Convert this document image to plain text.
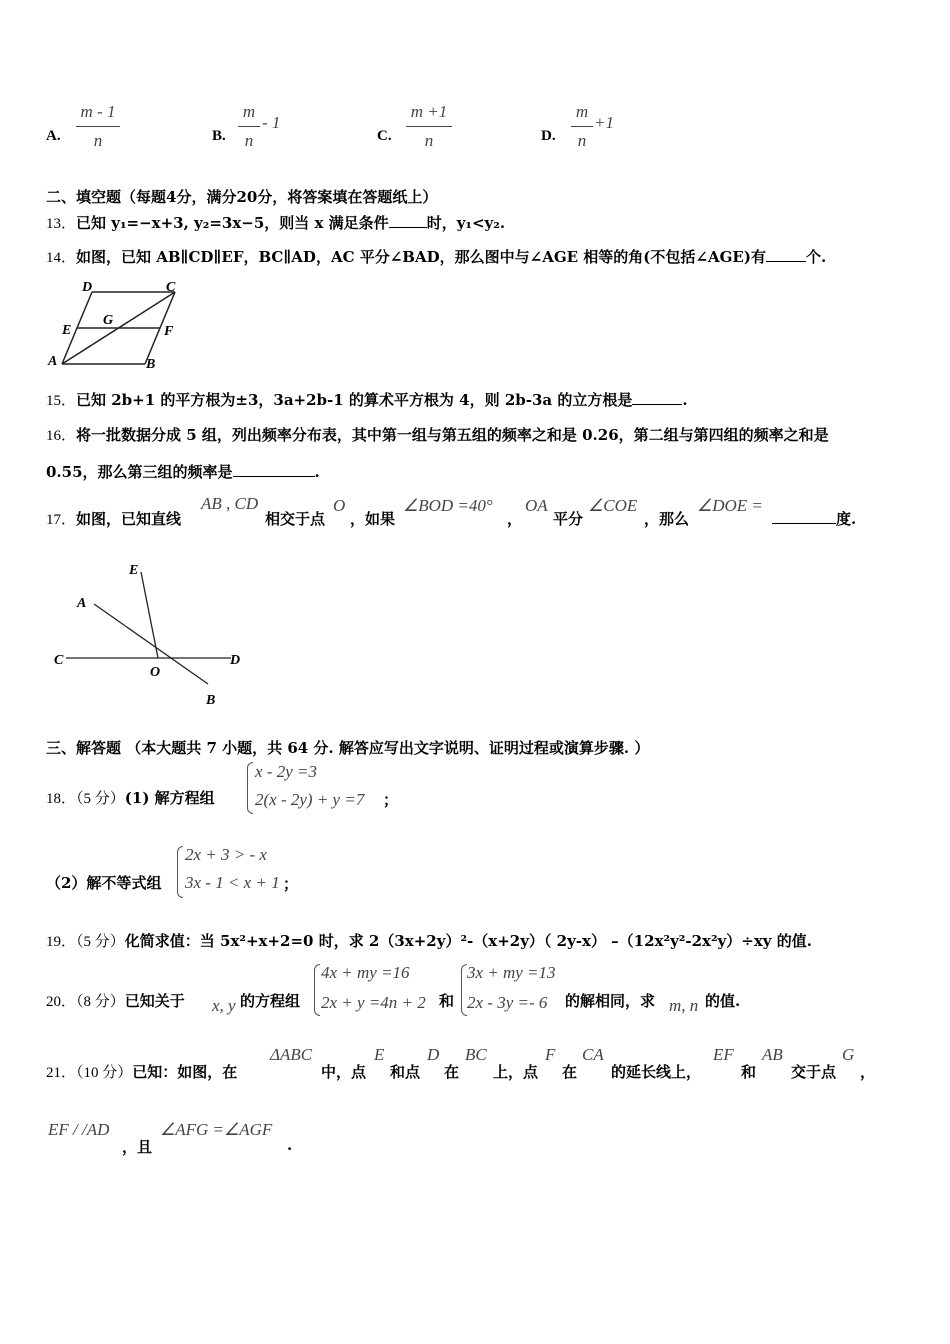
A.
m - 1
n	B.
m
n
- 1
C.
m +1
n	D.
m
n
+1
二、填空题（每题4分，满分20分，将答案填在答题纸上）
13．已知 y₁=−x+3, y₂=3x−5，则当 x 满足条件	时，y₁<y₂.
14．如图，已知 AB∥CD∥EF，BC∥AD，AC 平分∠BAD，那么图中与∠AGE 相等的角(不包括∠AGE)有	个.
D	C
E
G
F
A	B
15．已知 2b+1 的平方根为±3，3a+2b-1 的算术平方根为 4，则 2b-3a 的立方根是	.
16．将一批数据分成 5 组，列出频率分布表，其中第一组与第五组的频率之和是 0.26，第二组与第四组的频率之和是
0.55，那么第三组的频率是	.
17．如图，已知直线
AB , CD
相交于点
O
，如果
∠BOD =40°
，
OA
平分
∠COE
，那么
∠DOE =
度.
E
A
C
O
D
B
三、解答题 （本大题共 7 小题，共 64 分. 解答应写出文字说明、证明过程或演算步骤. ）
18．（5 分）(1) 解方程组
x - 2y =3
2(x - 2y) + y =7 ；
（2）解不等式组
2x + 3 > - x
3x - 1 < x + 1 ；
19．（5 分）化简求值：当 5x²+x+2=0 时，求 2（3x+2y）²-（x+2y）（ 2y-x） –（12x²y²-2x²y）÷xy 的值.
20．（8 分）已知关于 x, y 的方程组
4x + my =16
2x + y =4n + 2 和
3x + my =13
2x - 3y =- 6 的解相同，求 m, n 的值.
21．（10 分）已知：如图，在
ΔABC
中，点
E
和点
D
在
BC
上，点
F
在
CA
的延长线上，
EF
和
AB
交于点
G
，
EF / /AD
，且
∠AFG =∠AGF
.
